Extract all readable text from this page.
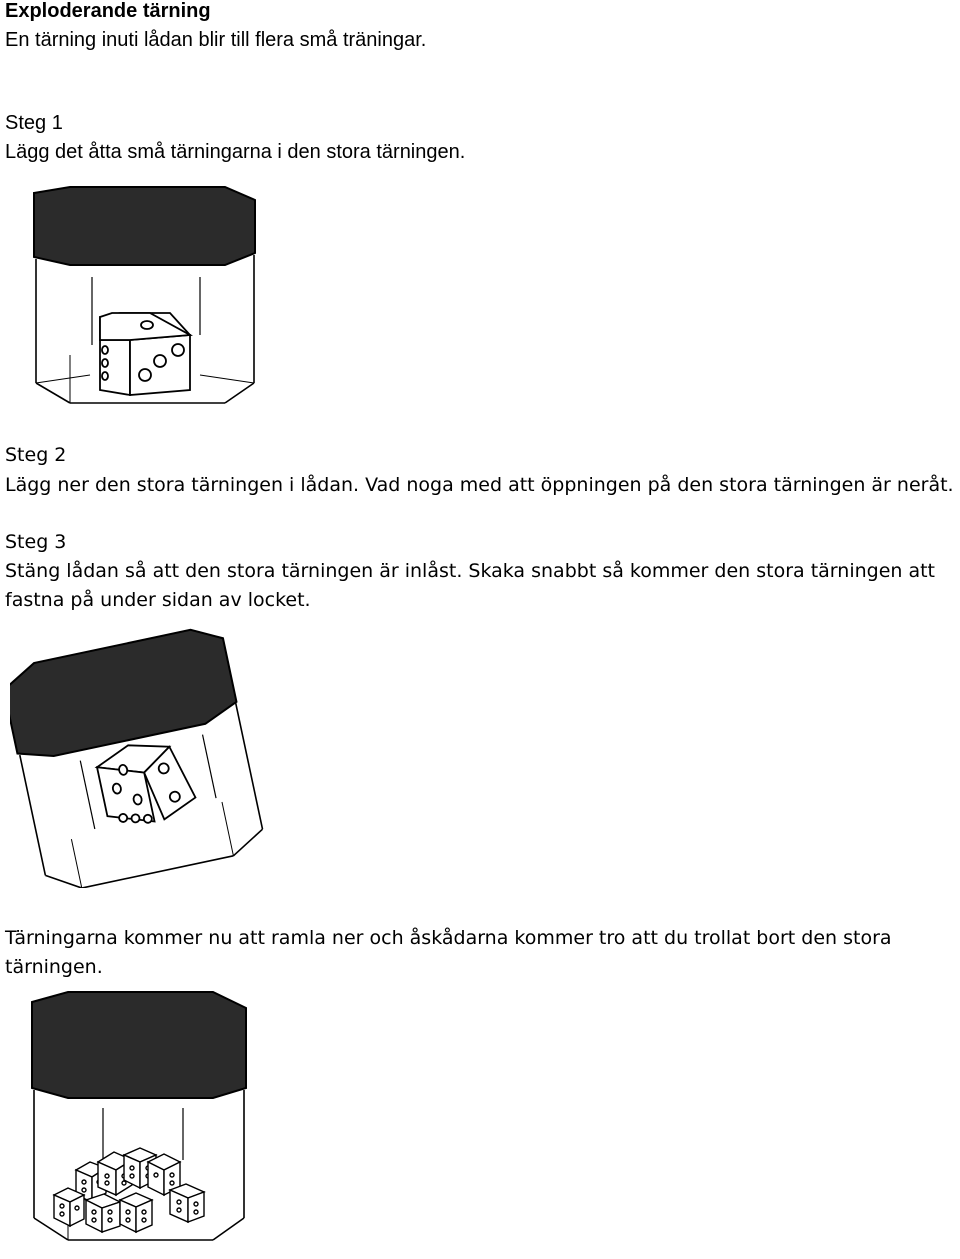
Exploderande tärning

En tärning inuti lådan blir till flera små träningar.

Steg 1

Lägg det åtta små tärningarna i den stora tärningen.

Steg 2

Lägg ner den stora tärningen i lådan. Vad noga med att öppningen på den stora tärningen är neråt.

Steg 3

Stäng lådan så att den stora tärningen är inlåst. Skaka snabbt så kommer den stora tärningen att

fastna på under sidan av locket.

Tärningarna kommer nu att ramla ner och åskådarna kommer tro att du trollat bort den stora

tärningen.
